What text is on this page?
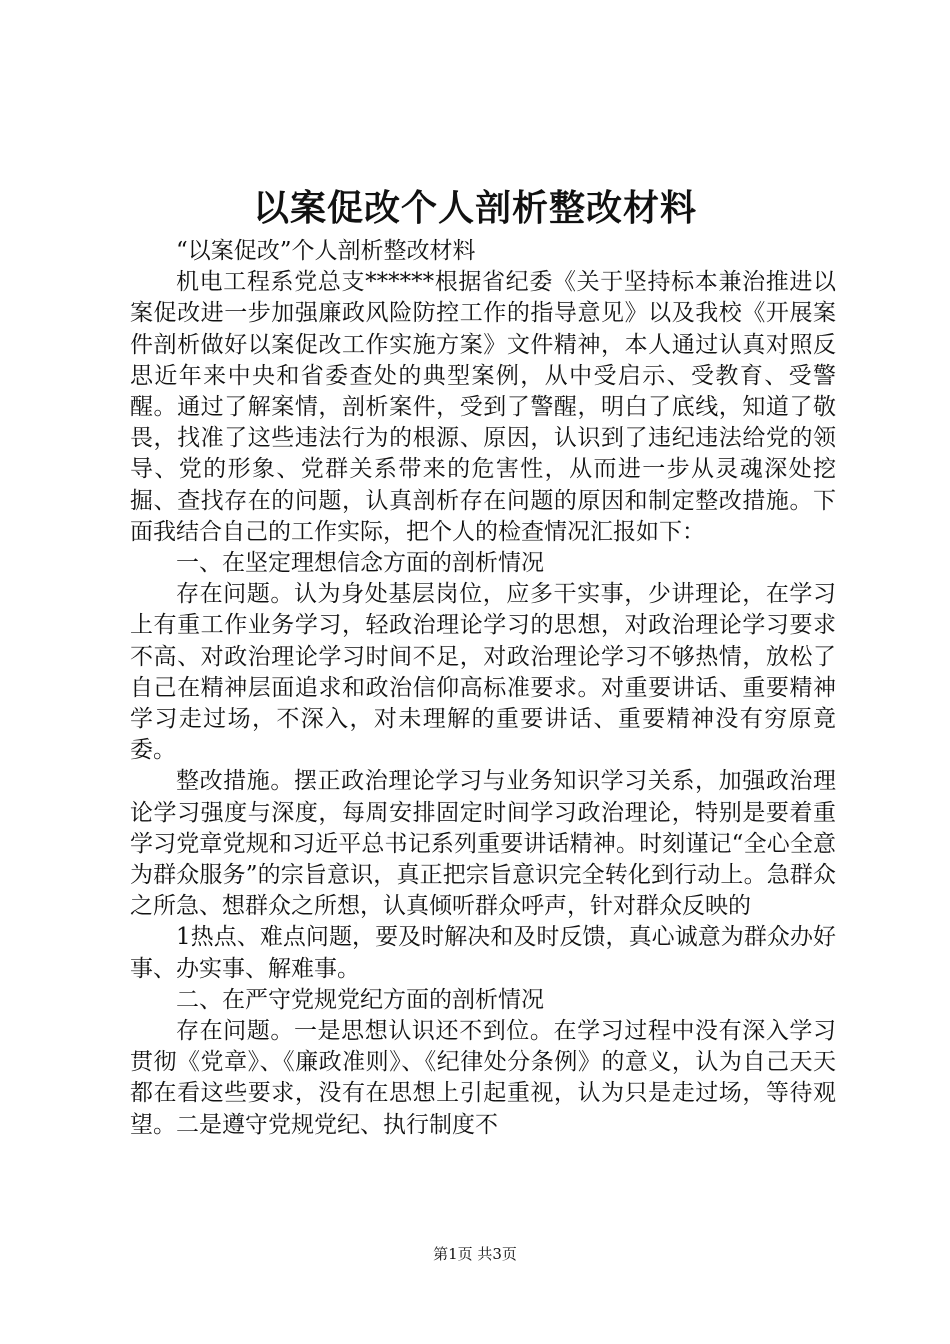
以案促改个人剖析整改材料

“以案促改”个人剖析整改材料

机电工程系党总支******根据省纪委《关于坚持标本兼治推进以案促改进一步加强廉政风险防控工作的指导意见》以及我校《开展案件剖析做好以案促改工作实施方案》文件精神，本人通过认真对照反思近年来中央和省委查处的典型案例，从中受启示、受教育、受警醒。通过了解案情，剖析案件，受到了警醒，明白了底线，知道了敬畏，找准了这些违法行为的根源、原因，认识到了违纪违法给党的领导、党的形象、党群关系带来的危害性，从而进一步从灵魂深处挖掘、查找存在的问题，认真剖析存在问题的原因和制定整改措施。下面我结合自己的工作实际，把个人的检查情况汇报如下：

一、在坚定理想信念方面的剖析情况

存在问题。认为身处基层岗位，应多干实事，少讲理论，在学习上有重工作业务学习，轻政治理论学习的思想，对政治理论学习要求不高、对政治理论学习时间不足，对政治理论学习不够热情，放松了自己在精神层面追求和政治信仰高标准要求。对重要讲话、重要精神学习走过场，不深入，对未理解的重要讲话、重要精神没有穷原竟委。

整改措施。摆正政治理论学习与业务知识学习关系，加强政治理论学习强度与深度，每周安排固定时间学习政治理论，特别是要着重学习党章党规和习近平总书记系列重要讲话精神。时刻谨记“全心全意为群众服务”的宗旨意识，真正把宗旨意识完全转化到行动上。急群众之所急、想群众之所想，认真倾听群众呼声，针对群众反映的

1热点、难点问题，要及时解决和及时反馈，真心诚意为群众办好事、办实事、解难事。

二、在严守党规党纪方面的剖析情况

存在问题。一是思想认识还不到位。在学习过程中没有深入学习贯彻《党章》、《廉政准则》、《纪律处分条例》的意义，认为自己天天都在看这些要求，没有在思想上引起重视，认为只是走过场，等待观望。二是遵守党规党纪、执行制度不

第1页 共3页
